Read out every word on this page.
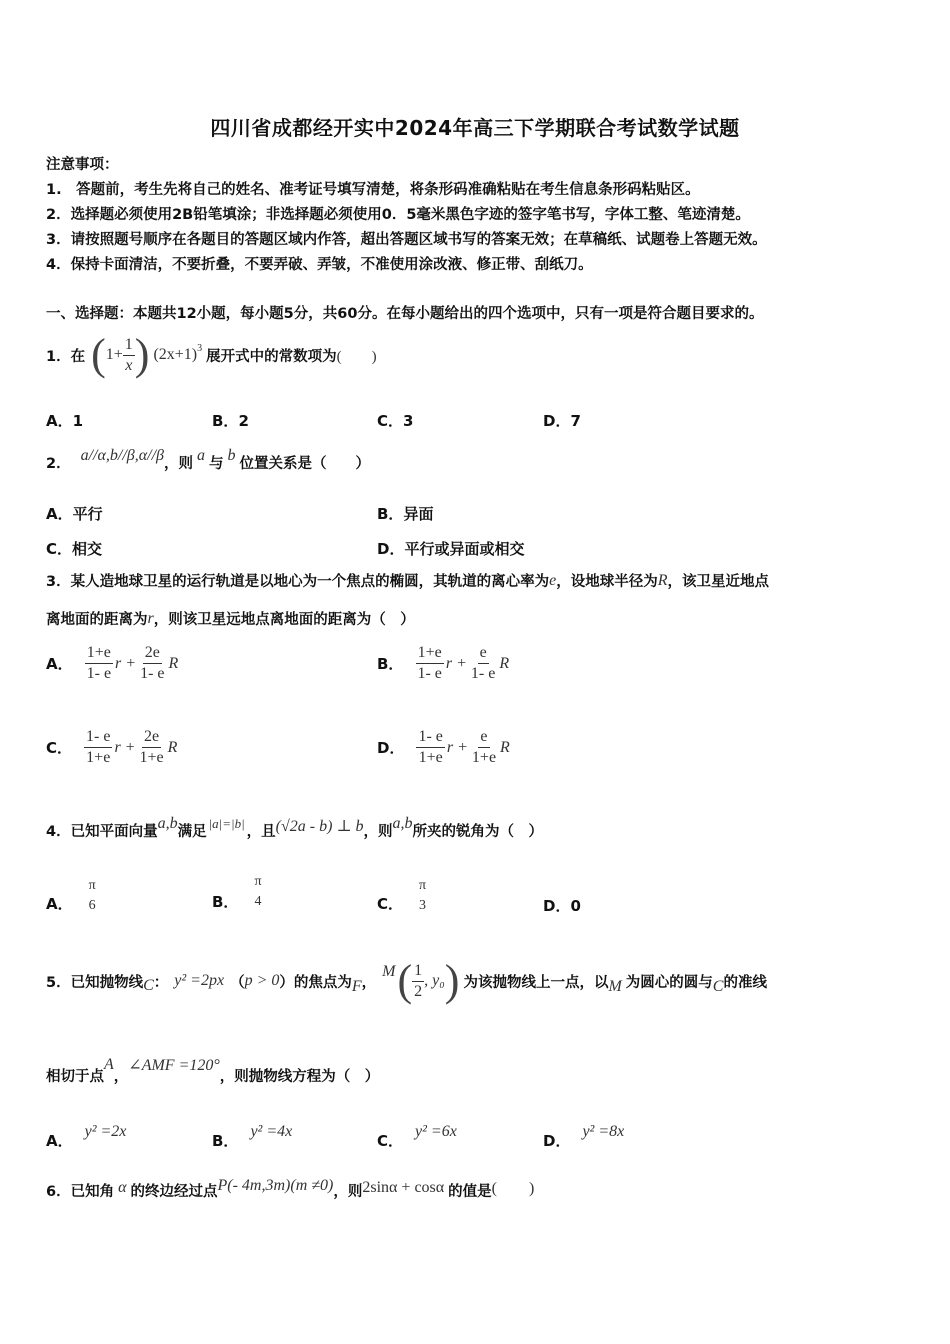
四川省成都经开实中2024年高三下学期联合考试数学试题
注意事项：
1.　答题前，考生先将自己的姓名、准考证号填写清楚，将条形码准确粘贴在考生信息条形码粘贴区。
2．选择题必须使用2B铅笔填涂；非选择题必须使用0．5毫米黑色字迹的签字笔书写，字体工整、笔迹清楚。
3．请按照题号顺序在各题目的答题区域内作答，超出答题区域书写的答案无效；在草稿纸、试题卷上答题无效。
4．保持卡面清洁，不要折叠，不要弄破、弄皱，不准使用涂改液、修正带、刮纸刀。
一、选择题：本题共12小题，每小题5分，共60分。在每小题给出的四个选项中，只有一项是符合题目要求的。
1．在 ( $1+ \frac{1}{x}$ ) $(2x+1)^3$
展开式中的常数项为 (　　)
A．1	B．2	C．3	D．7
2． a//α,b//β,α//β ，则 a 与 b 位置关系是（　　）
A．平行	B．异面
C．相交	D．平行或异面或相交
3．某人造地球卫星的运行轨道是以地心为一个焦点的椭圆，其轨道的离心率为 e ，设地球半径为 R ，该卫星近地点
离地面的距离为 r ，则该卫星远地点离地面的距离为（　）
A． $\frac{1+e}{1- e}$ $r + \frac{2e}{1- e}$ R	B． $\frac{1+e}{1- e}$ $r + \frac{e}{1- e}$ R
C． $\frac{1- e}{1+e}$ $r + \frac{2e}{1+e}$ R	D． $\frac{1- e}{1+e}$ $r + \frac{e}{1+e}$ R
4．已知平面向量 a,b 满足 |a|=|b| ，且 (√2a - b) ⊥ b ，则 a,b 所夹的锐角为（　）
A．
π
6	B．
π
4	C．
π
3	D．0
5．已知抛物线 C ： y² =2px （ p > 0 ）的焦点为 F ，
M ( $\frac{1}{2}$ , y₀ ) 为该抛物线上一点，以 M 为圆心的圆与 C 的准线
相切于点
A
，
∠AMF =120°
，则抛物线方程为（　）
A．
y² =2x
B．
y² =4x
C．
y² =6x
D．
y² =8x
6．已知角 α 的终边经过点 P(- 4m,3m)(m ≠0) ，则 2sinα + cosα 的值是 (　　)
